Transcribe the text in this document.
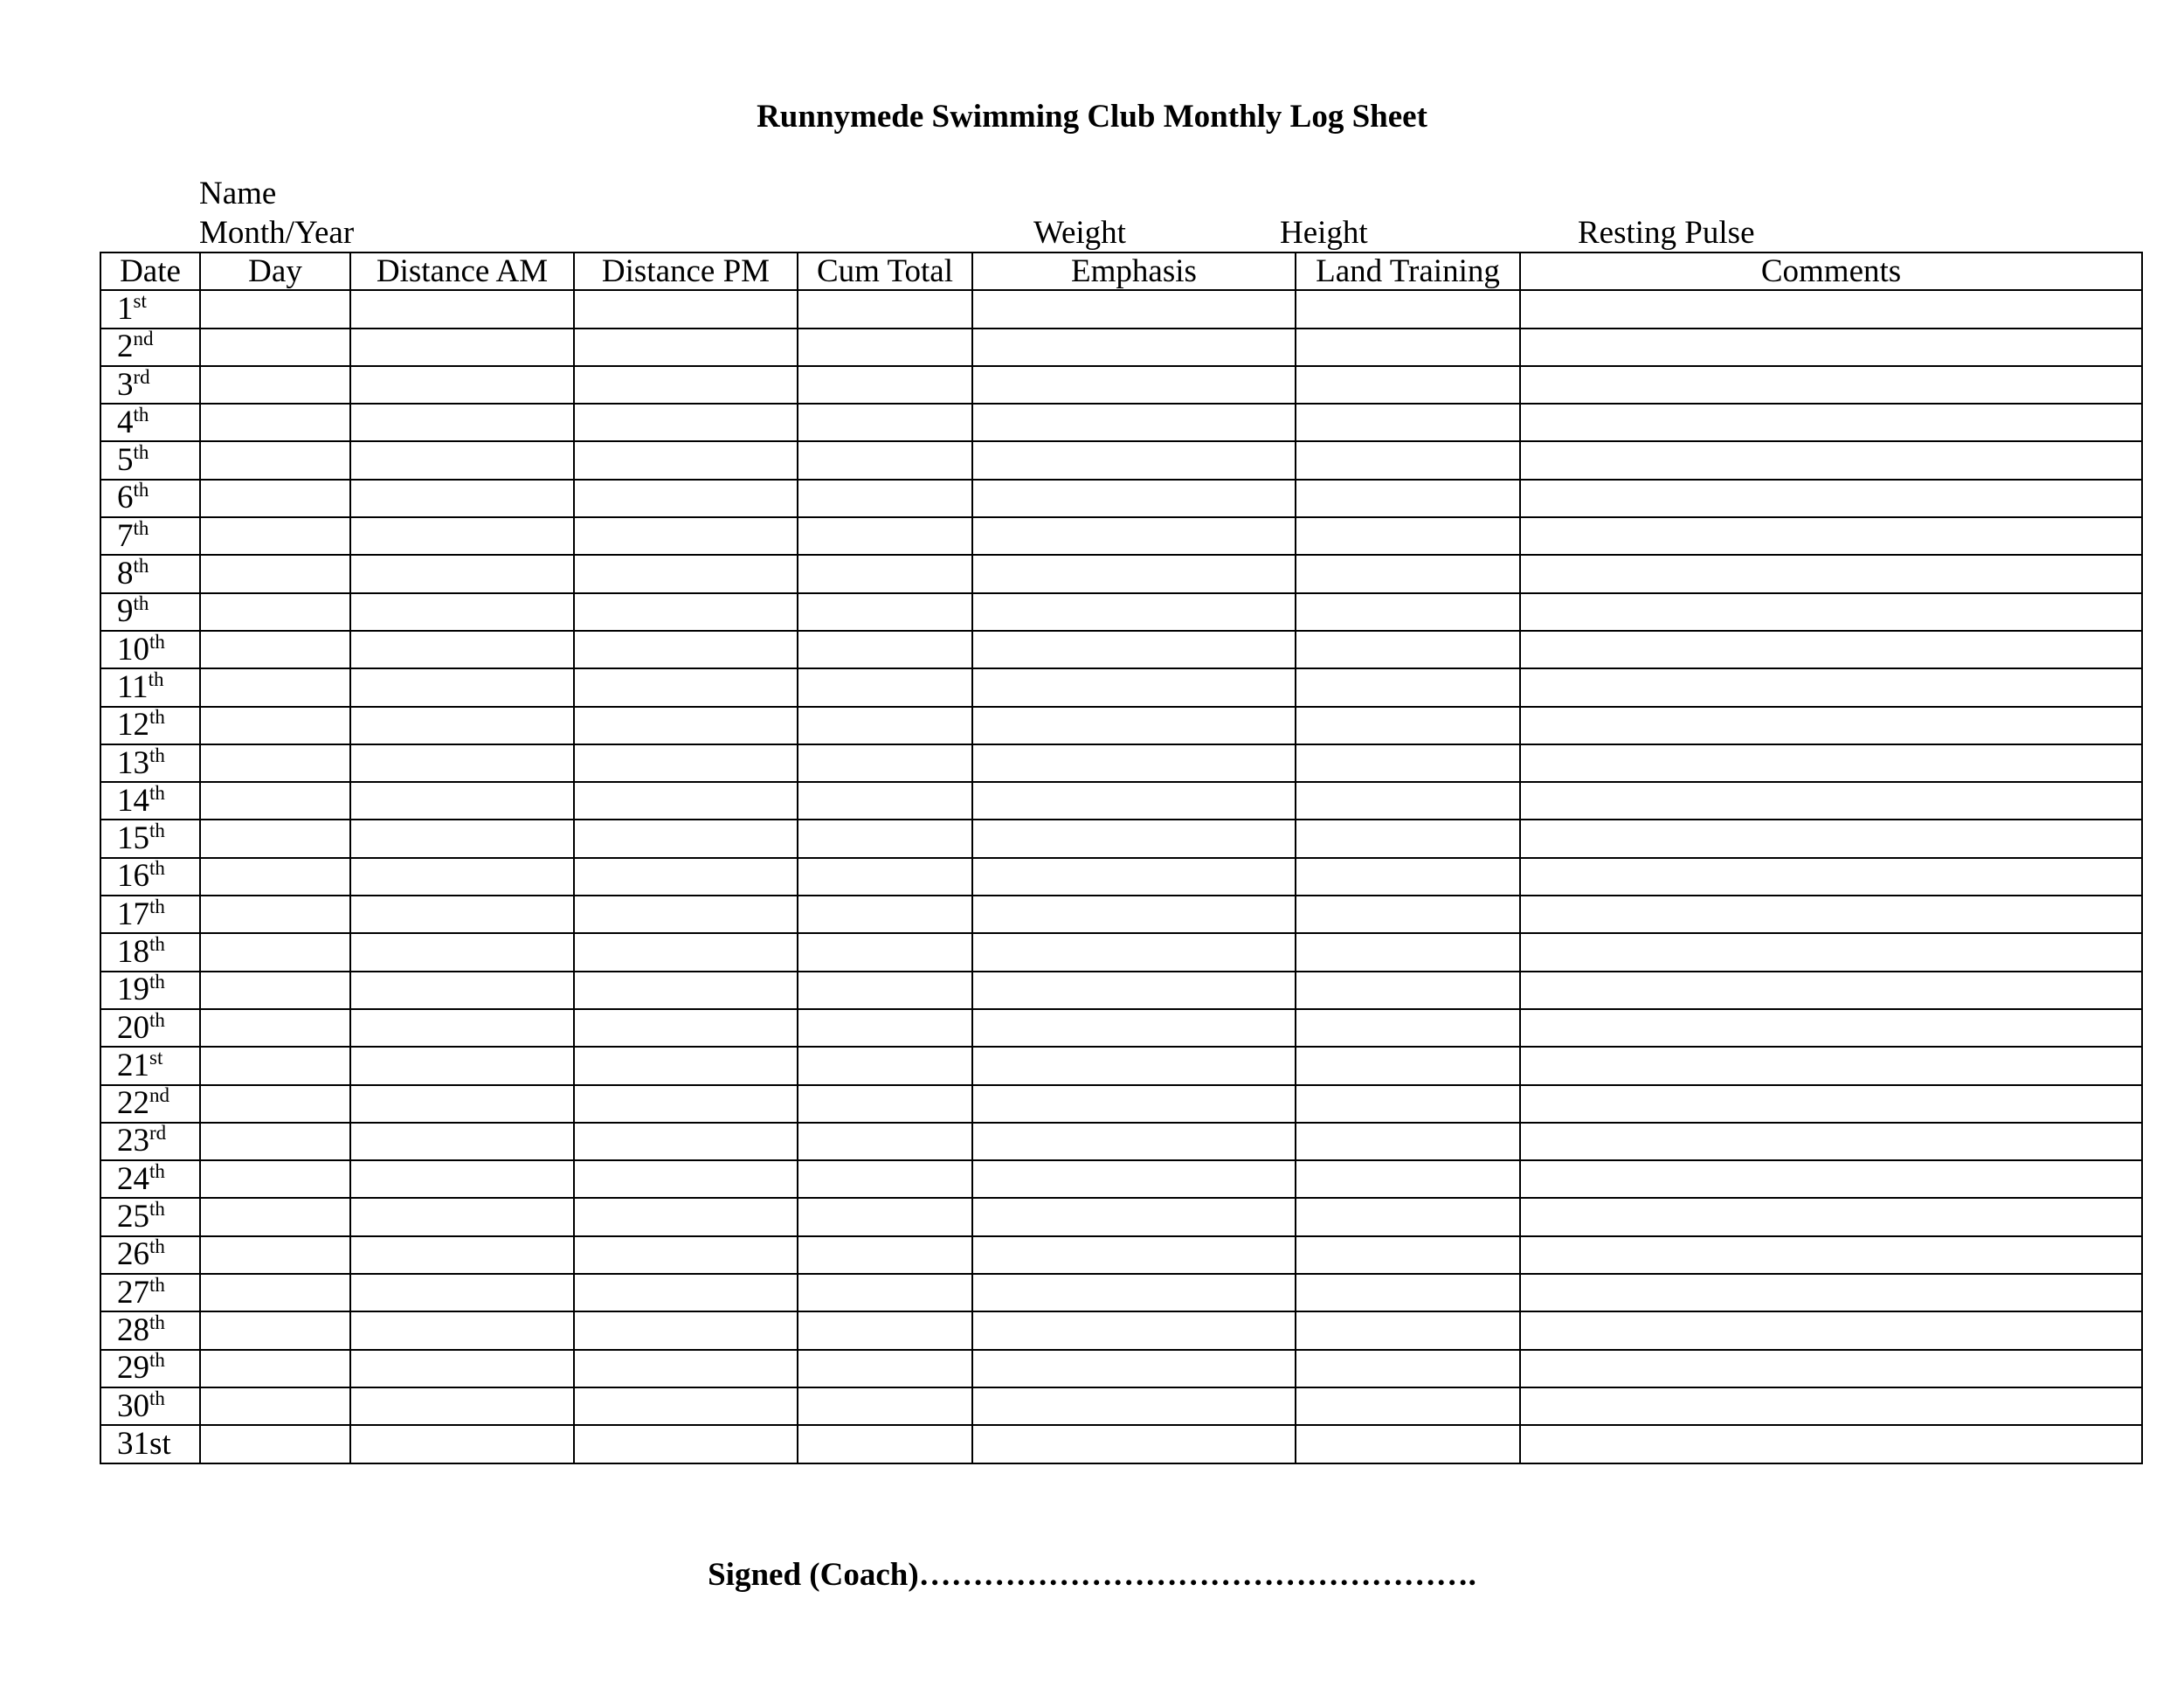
Runnymede Swimming Club Monthly Log Sheet
Name
Month/Year	Weight	Height	Resting Pulse
Date	Day	Distance AM	Distance PM	Cum Total	Emphasis	Land Training	Comments
1st							
2nd							
3rd							
4th							
5th							
6th							
7th							
8th							
9th							
10th							
11th							
12th							
13th							
14th							
15th							
16th							
17th							
18th							
19th							
20th							
21st							
22nd							
23rd							
24th							
25th							
26th							
27th							
28th							
29th							
30th							
31st							
Signed (Coach)…………………………………………….
